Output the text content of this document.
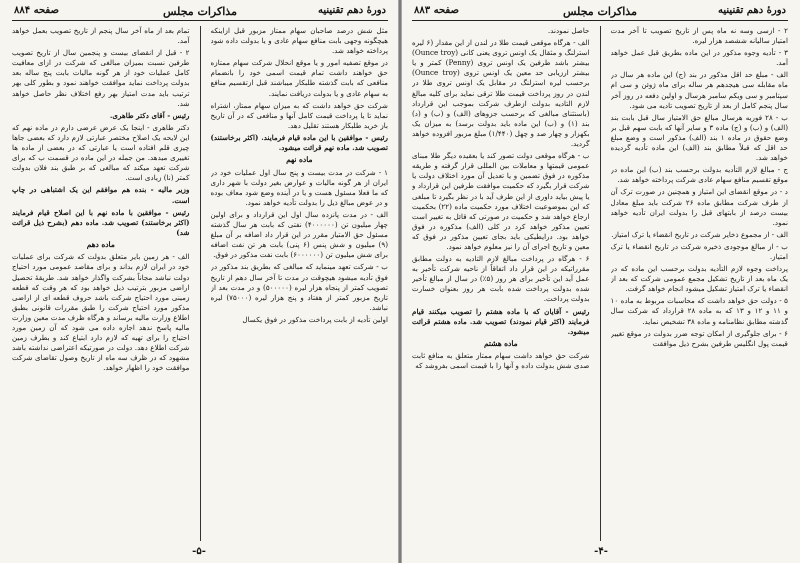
دورهٔ دهم تقنینیه
مذاکرات مجلس
صفحه ۸۸۴
مثل شش درصد صاحبان سهام ممتاز مزبور قبل ازاینکه هیچگونه وجهی بابت منافع سهام عادی و یا بدولت داده شود پرداخته خواهد شد.
در موقع تصفیه امور و یا موقع انحلال شرکت سهام ممتازه حق خواهند داشت تمام قیمت اسمی خود را بانضمام منافعی که بابت گذشته طلبکار میباشند قبل ازتقسیم منافع به سهام عادی و یا بدولت دریافت نمایند.
شرکت حق خواهد داشت که به میزان سهام ممتاز، اشتراه نماید تا یا پرداخت قیمت کامل آنها و منافعی که در آن تاریخ باز خرید طلبکار هستند تقلیل دهد.
رئیس - موافقین با این ماده قیام فرمایند. (اکثر برخاستند) تصویب شد. ماده نهم قرائت میشود.
ماده نهم
۱ - شرکت در مدت بیست و پنج سال اول عملیات خود در ایران از هر گونه مالیات و عوارض بغیر دولت با شهر داری که ما فعلا مسئول هست و یا در آینده وضع شود معاف بوده و در عوض مبالغ ذیل را بدولت تأدیه خواهد نمود.
الف - در مدت پانزده سال اول این قرارداد و برای اولین چهار میلیون تن (۴۰۰۰۰۰۰) نفتی که بابت هر سال گذشته مسئول حق الامتیاز مقرر در این قرار داد اضافه بر آن مبلغ (۹) میلیون و شش پنس (۶ پنی) بابت هر تن نفت اضافه برای شش میلیون تن (۶۰۰۰۰۰۰) بابت نفت مذکور در فوق.
ب - شرکت تعهد مینماید که مبالغی که بطریق بند مذکور در فوق تأدیه میشود هیچوقت در مدت تا آخر سال دهم از تاریخ تصویب کمتر از پنجاه هزار لیره (۵۰۰۰۰۰) و در مدت بعد از تاریخ مزبور کمتر از هفتاد و پنج هزار لیره (۷۵۰۰۰) لیره نباشد.
اولین تأدیه از بابت پرداخت مذکور در فوق یکسال
تمام بعد از ماه آخر سال پنجم از تاریخ تصویب بعمل خواهد آمد.
۲ - قبل از انقضای بیست و پنجمین سال از تاریخ تصویب طرفین نسبت بمیزان مبالغی که شرکت در ازای معافیت کامل عملیات خود از هر گونه مالیات بابت پنج ساله بعد بدولت پرداخت نماید موافقت خواهند نمود و بطور کلی بهر ترتیب باید مدت امتیاز بهر رفع اختلاف نظر حاصل خواهد شد.
رئیس - آقای دکتر طاهری.
دکتر طاهری - اینجا یک عرض عرضی دارم در ماده نهم که این لایحه یک اصلاح مختصر عبارتی لازم دارد که بعضی جاها چیزی قلم افتاده است یا عبارتی که در بعضی از ماده ها تغییری میدهد. من جمله در این ماده در قسمت ب که برای شرکت تعهد میکند که مبالغی که بر طبق بند فلان بدولت کمتر (نا) زیادی است.
وزیر مالیه - بنده هم موافقم این یک اشتباهی در چاپ است.
رئیس - موافقین با ماده نهم با این اصلاح قیام فرمایند (اکثر برخاستند) تصویب شد. ماده دهم (بشرح ذیل قرائت شد)
ماده دهم
الف - هر زمین بایر متعلق بدولت که شرکت برای عملیات خود در ایران لازم بداند و برای مقاصد عمومی مورد احتیاج دولت نباشد مجاناً بشرکت واگذار خواهد شد. طریقهٔ تحصیل اراضی مزبور بترتیب ذیل خواهد بود که هر وقت که قطعه زمینی مورد احتیاج شرکت باشد حروف قطعه ای از اراضی مذکور مورد احتیاج شرکت را طبق مقررات قانونی بطبق اطلاع وزارت مالیه برساند و هرگاه ظرف مدت معین وزارت مالیه پاسخ ندهد اجازه داده می شود که آن زمین مورد احتیاج را برای تهیه که لازم دارد ابتیاع کند و بطرف زمین شرکت اطلاع دهد. دولت در صورتیکه اعتراضی نداشته باشد مشهود که در ظرف سه ماه از تاریخ وصول تقاضای شرکت موافقت خود را اظهار خواهد.
-۵-
دورهٔ دهم تقنینیه
مذاکرات مجلس
صفحه ۸۸۳
۲ - ازسی وسه نه ماه پس از تاریخ تصویب تا آخر مدت امتیاز سالیانه ششصد هزار لیره.
۳ - تأدیه وجوه مذکور در این ماده بطریق قبل عمل خواهد آمد.
الف - مبلغ حد اقل مذکور در بند (ج) این ماده هر سال در ماه مقابله سی هیجدهم هر ساله برای ماه ژوئن و سی ام سپتامبر و سی ویکم سامبر هرسال و اولین دفعه در روز آخر سال پنجم کامل از بعد از تاریخ تصویب تادیه می شود.
ب - ۲۸ فوریه هرسال مبالغ حق الامتیاز سال قبل بابت بند (الف) و (ب) و (ج) ماده ۳ و سایر آنها که بابت سهم قبل بر وضع حقوق در ماده ۱ بند (الف) مذکور است و وضع مبلغ حد اقل که قبلاً مطابق بند (الف) این ماده تأدیه گردیده خواهد شد.
ج - مبالغ لازم التأدیه بدولت برحسب بند (ب) این ماده در موقع تقسیم منافع سهام عادی شرکت پرداخته خواهد شد.
د - در موقع انقضای این امتیاز و همچنین در صورت ترک آن از طرف شرکت مطابق ماده ۲۶ شرکت باید مبلغ معادل بیست درصد از بابتهای قبل را بدولت ایران تأدیه خواهد نمود.
الف - از مجموع ذخایر شرکت در تاریخ انقضاء یا ترک امتیاز.
ب - از مبالغ موجودی ذخیره شرکت در تاریخ انقضاء یا ترک امتیاز.
پرداخت وجوه لازم التأدیه بدولت برحسب این ماده که در یک ماه بعد از تاریخ تشکیل مجمع عمومی شرکت که بعد از انقضاء یا ترک امتیاز تشکیل میشود انجام خواهد گرفت.
۵ - دولت حق خواهد داشت که محاسبات مربوط به ماده ۱۰ و ۱۱ و ۱۲ و ۱۳ که به ماده ۲۸ قرارداد که شرکت سال گذشته مطابق نظامنامه و ماده ۳۸ تشخیص نماید.
۶ - برای جلوگیری از امکان توجه ضرر بدولت در موقع تغییر قیمت پول انگلیس طرفین بشرح ذیل موافقت
حاصل نمودند.
الف - هرگاه موقعی قیمت طلا در لندن از این مقدار (۶ لیره استرلنگ و مثقال یک اونس تروی یعنی کانی (Ounce troy) بیشتر باشد طرفین یک اونس تروی (Penny) کمتر و یا بیشتر ارزیابی حد معین یک اونس تروی (Ounce troy) برحسب لیره استرلنگ در مقابل یک اونس تروی طلا در لندن در روز پرداخت قیمت طلا ترقی نماید برای کلیه مبالغ لازم التادیه بدولت ازطرف شرکت بموجب این قرارداد (باستثنای مبالغی که برحسب جزوهای (الف) و (ب) و (د) بند (۱) و (ب) این ماده باید بدولت برسد) به میزان یک بکهزار و چهار صد و چهل (۱/۴۴۰) مبلغ مزبور افزوده خواهد گردید.
ب - هرگاه موقعی دولت تصور کند یا بعقیده دیگر طلا مبنای عمومی قیمتها و معاملات بین المللی قرار گرفته و طریقه مذکوره در فوق تضمین و یا تعدیل آن مورد اختلاف دولت یا شرکت قرار بگیرد که حکمیت موافقت طرفین این قرارداد و یا پیش بیاید داوری از این طرف آید با در نظر بگیرد تا مبلغی که این بموضوعیت اختلاف مورد حکمیت ماده (۲۲) بحکمیت ارجاع خواهد شد و حکمیت در صورتی که قائل به تغییر است تعیین مذکور خواهد کرد در کلی (الف) مذکوره در فوق خواهد بود. درایطیکی باید بجای تعیین مذکور در فوق که معین و تاریخ اجرای آن را نیز معلوم خواهد نمود.
۶ - هرگاه در پرداخت مبالغ لازم التادیه به دولت مطابق مقرراتیکه در این قرار داد اتفاقاً از ناحیه شرکت تأخیر به عمل آید این تأخیر برای هر روز (۵٪) در سال از مبالغ تأخیر شده بدولت پرداخت شده بابت هر روز بعنوان خسارت بدولت پرداخت.
رئیس - آقایان که با ماده هشتم را تصویب میکنند قیام فرمایند (اکثر قیام نمودند) تصویب شد. ماده هشتم قرائت میشود.
ماده هشتم
شرکت حق خواهد داشت سهام ممتاز متعلق به منافع ثابت صدی شش بدولت داده و آنها را با قیمت اسمی بفروشد که
-۴-
